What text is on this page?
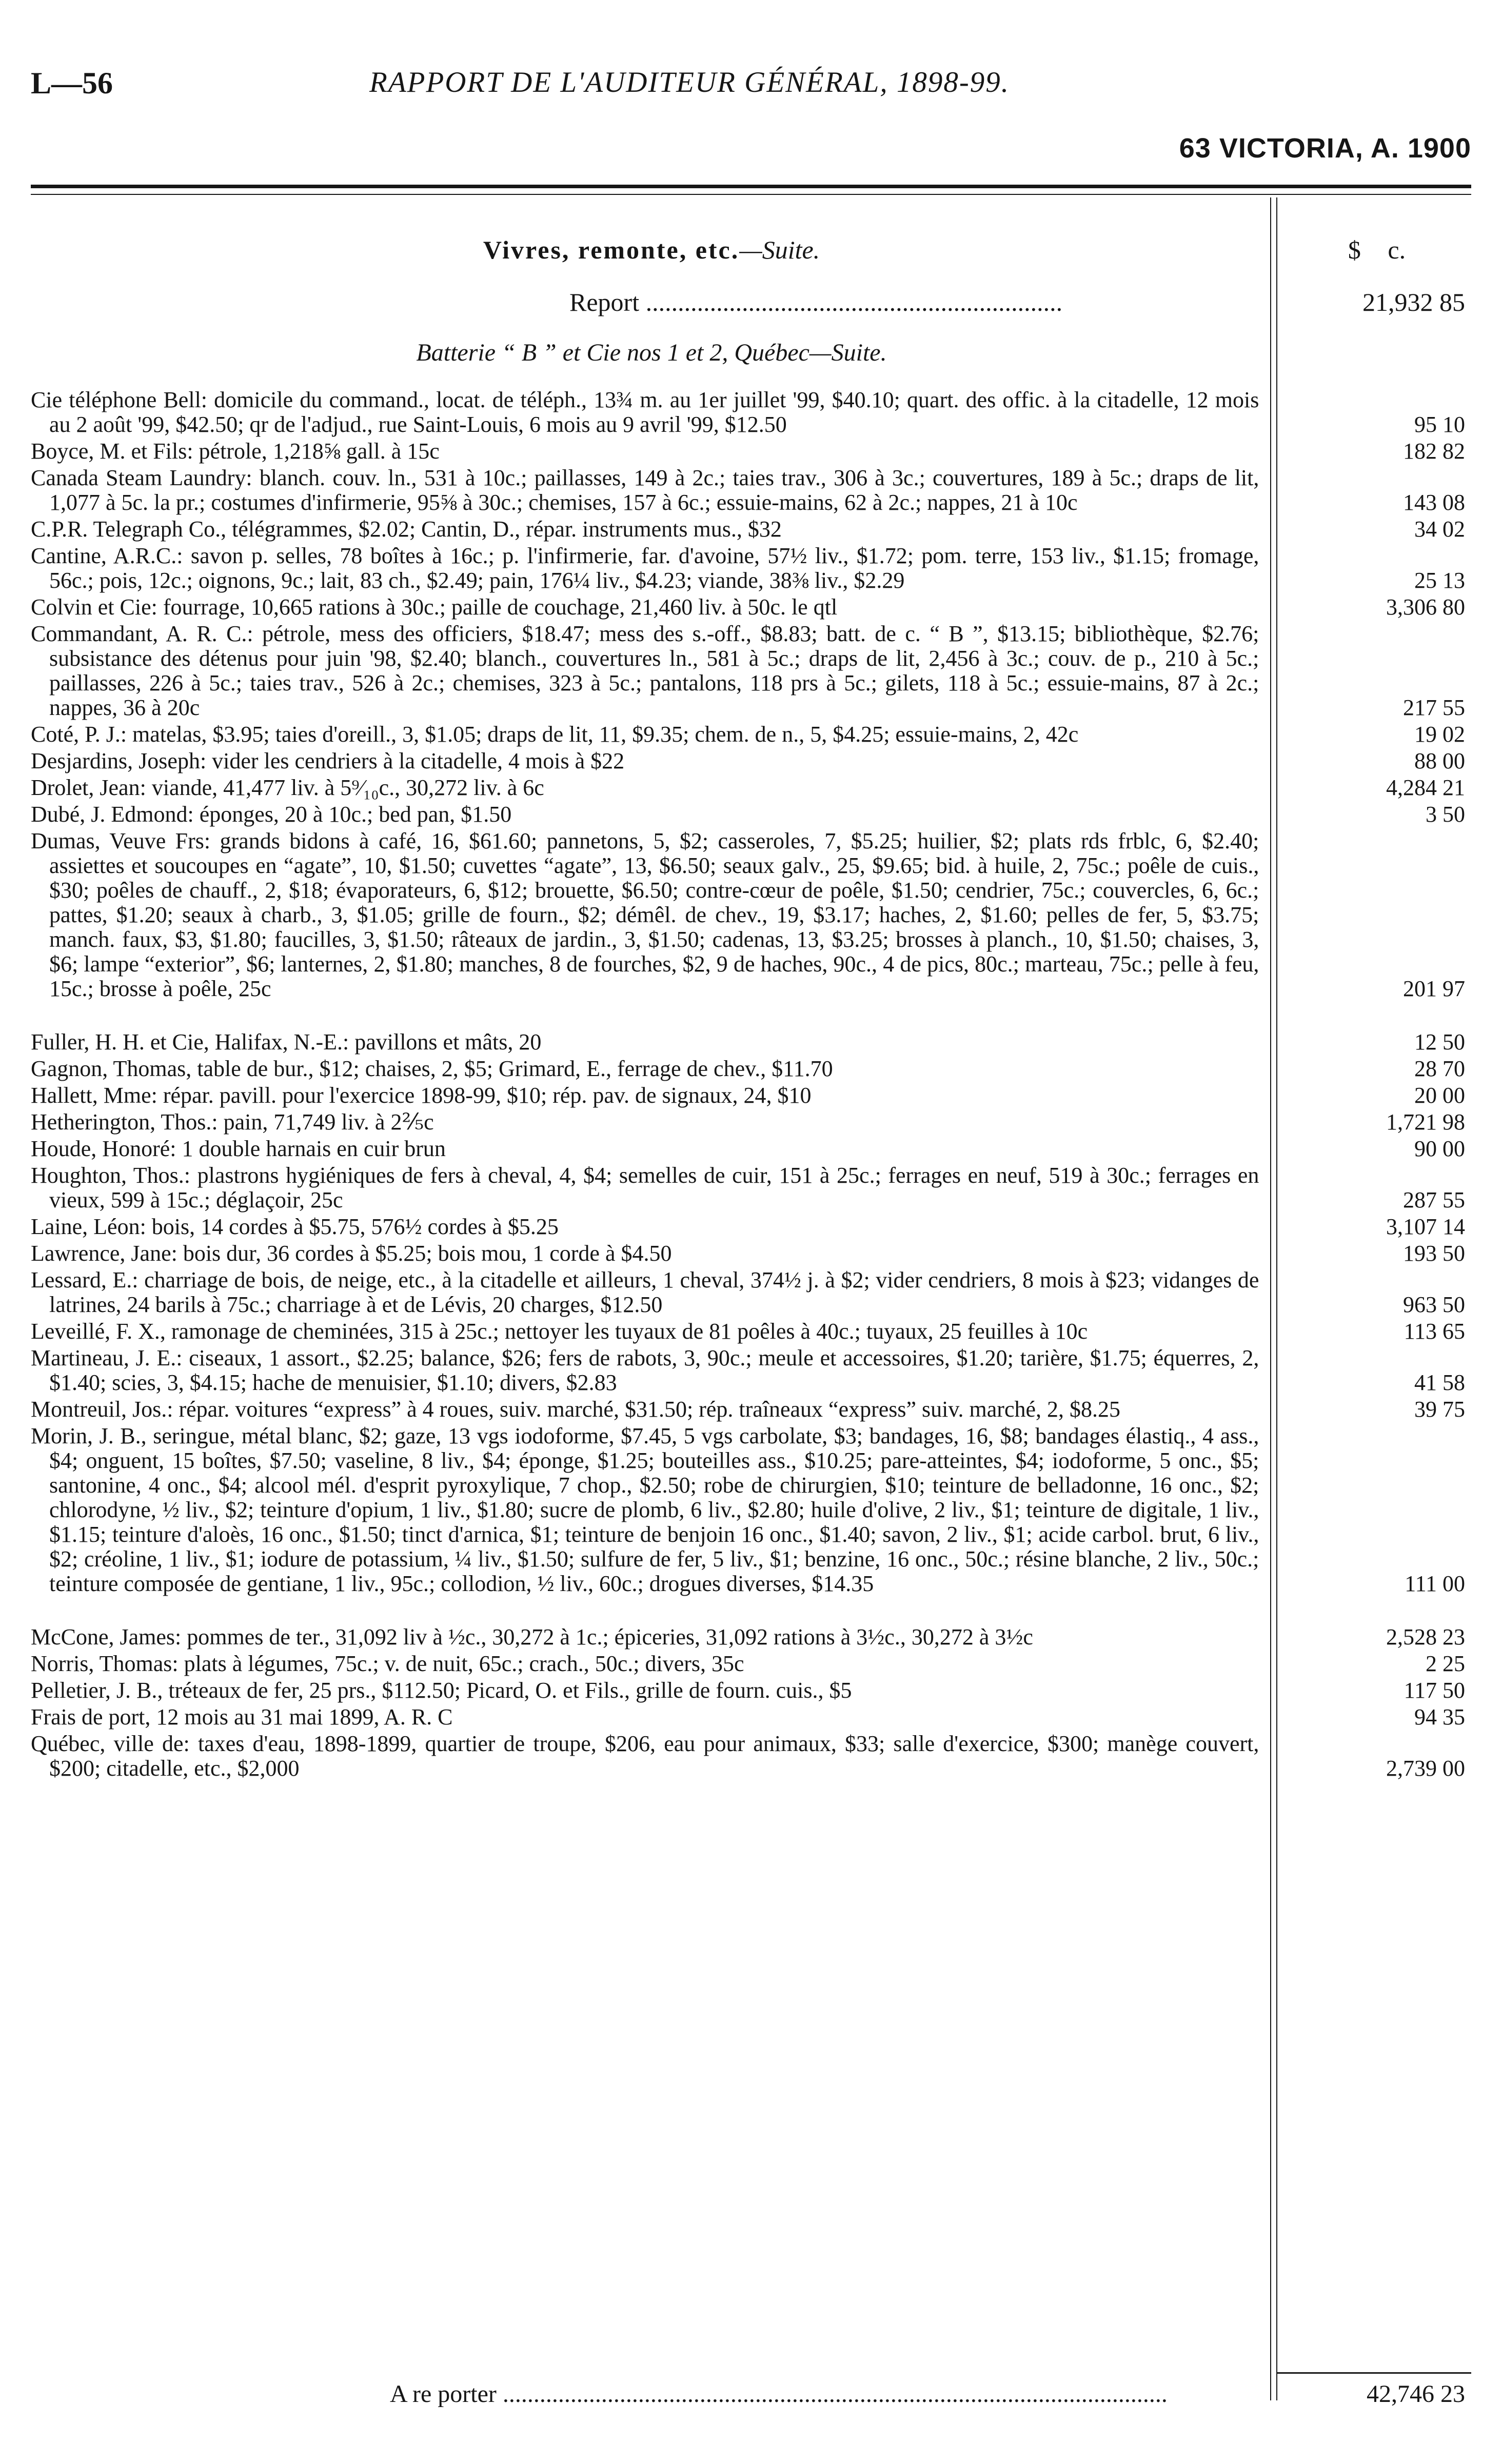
L—56	RAPPORT DE L'AUDITEUR GÉNÉRAL, 1898-99.
63 VICTORIA, A. 1900
Vivres, remonte, etc.—Suite.	$ c.
Report .................................................................	21,932 85
Batterie “ B ” et Cie nos 1 et 2, Québec—Suite.
Cie téléphone Bell: domicile du command., locat. de téléph., 13¾ m. au 1er juillet '99, $40.10; quart. des offic. à la citadelle, 12 mois au 2 août '99, $42.50; qr de l'adjud., rue Saint-Louis, 6 mois au 9 avril '99, $12.50	95 10
Boyce, M. et Fils: pétrole, 1,218⅝ gall. à 15c	182 82
Canada Steam Laundry: blanch. couv. ln., 531 à 10c.; paillasses, 149 à 2c.; taies trav., 306 à 3c.; couvertures, 189 à 5c.; draps de lit, 1,077 à 5c. la pr.; costumes d'infirmerie, 95⅝ à 30c.; chemises, 157 à 6c.; essuie-mains, 62 à 2c.; nappes, 21 à 10c	143 08
C.P.R. Telegraph Co., télégrammes, $2.02; Cantin, D., répar. instruments mus., $32	34 02
Cantine, A.R.C.: savon p. selles, 78 boîtes à 16c.; p. l'infirmerie, far. d'avoine, 57½ liv., $1.72; pom. terre, 153 liv., $1.15; fromage, 56c.; pois, 12c.; oignons, 9c.; lait, 83 ch., $2.49; pain, 176¼ liv., $4.23; viande, 38⅜ liv., $2.29	25 13
Colvin et Cie: fourrage, 10,665 rations à 30c.; paille de couchage, 21,460 liv. à 50c. le qtl	3,306 80
Commandant, A. R. C.: pétrole, mess des officiers, $18.47; mess des s.-off., $8.83; batt. de c. “ B ”, $13.15; bibliothèque, $2.76; subsistance des détenus pour juin '98, $2.40; blanch., couvertures ln., 581 à 5c.; draps de lit, 2,456 à 3c.; couv. de p., 210 à 5c.; paillasses, 226 à 5c.; taies trav., 526 à 2c.; chemises, 323 à 5c.; pantalons, 118 prs à 5c.; gilets, 118 à 5c.; essuie-mains, 87 à 2c.; nappes, 36 à 20c	217 55
Coté, P. J.: matelas, $3.95; taies d'oreill., 3, $1.05; draps de lit, 11, $9.35; chem. de n., 5, $4.25; essuie-mains, 2, 42c	19 02
Desjardins, Joseph: vider les cendriers à la citadelle, 4 mois à $22	88 00
Drolet, Jean: viande, 41,477 liv. à 5⁹⁄₁₀c., 30,272 liv. à 6c	4,284 21
Dubé, J. Edmond: éponges, 20 à 10c.; bed pan, $1.50	3 50
Dumas, Veuve Frs: grands bidons à café, 16, $61.60; pannetons, 5, $2; casseroles, 7, $5.25; huilier, $2; plats rds frblc, 6, $2.40; assiettes et soucoupes en “agate”, 10, $1.50; cuvettes “agate”, 13, $6.50; seaux galv., 25, $9.65; bid. à huile, 2, 75c.; poêle de cuis., $30; poêles de chauff., 2, $18; évaporateurs, 6, $12; brouette, $6.50; contre-cœur de poêle, $1.50; cendrier, 75c.; couvercles, 6, 6c.; pattes, $1.20; seaux à charb., 3, $1.05; grille de fourn., $2; démêl. de chev., 19, $3.17; haches, 2, $1.60; pelles de fer, 5, $3.75; manch. faux, $3, $1.80; faucilles, 3, $1.50; râteaux de jardin., 3, $1.50; cadenas, 13, $3.25; brosses à planch., 10, $1.50; chaises, 3, $6; lampe “exterior”, $6; lanternes, 2, $1.80; manches, 8 de fourches, $2, 9 de haches, 90c., 4 de pics, 80c.; marteau, 75c.; pelle à feu, 15c.; brosse à poêle, 25c	201 97
Fuller, H. H. et Cie, Halifax, N.-E.: pavillons et mâts, 20	12 50
Gagnon, Thomas, table de bur., $12; chaises, 2, $5; Grimard, E., ferrage de chev., $11.70	28 70
Hallett, Mme: répar. pavill. pour l'exercice 1898-99, $10; rép. pav. de signaux, 24, $10	20 00
Hetherington, Thos.: pain, 71,749 liv. à 2⅖c	1,721 98
Houde, Honoré: 1 double harnais en cuir brun	90 00
Houghton, Thos.: plastrons hygiéniques de fers à cheval, 4, $4; semelles de cuir, 151 à 25c.; ferrages en neuf, 519 à 30c.; ferrages en vieux, 599 à 15c.; déglaçoir, 25c	287 55
Laine, Léon: bois, 14 cordes à $5.75, 576½ cordes à $5.25	3,107 14
Lawrence, Jane: bois dur, 36 cordes à $5.25; bois mou, 1 corde à $4.50	193 50
Lessard, E.: charriage de bois, de neige, etc., à la citadelle et ailleurs, 1 cheval, 374½ j. à $2; vider cendriers, 8 mois à $23; vidanges de latrines, 24 barils à 75c.; charriage à et de Lévis, 20 charges, $12.50	963 50
Leveillé, F. X., ramonage de cheminées, 315 à 25c.; nettoyer les tuyaux de 81 poêles à 40c.; tuyaux, 25 feuilles à 10c	113 65
Martineau, J. E.: ciseaux, 1 assort., $2.25; balance, $26; fers de rabots, 3, 90c.; meule et accessoires, $1.20; tarière, $1.75; équerres, 2, $1.40; scies, 3, $4.15; hache de menuisier, $1.10; divers, $2.83	41 58
Montreuil, Jos.: répar. voitures “express” à 4 roues, suiv. marché, $31.50; rép. traîneaux “express” suiv. marché, 2, $8.25	39 75
Morin, J. B., seringue, métal blanc, $2; gaze, 13 vgs iodoforme, $7.45, 5 vgs carbolate, $3; bandages, 16, $8; bandages élastiq., 4 ass., $4; onguent, 15 boîtes, $7.50; vaseline, 8 liv., $4; éponge, $1.25; bouteilles ass., $10.25; pare-atteintes, $4; iodoforme, 5 onc., $5; santonine, 4 onc., $4; alcool mél. d'esprit pyroxylique, 7 chop., $2.50; robe de chirurgien, $10; teinture de belladonne, 16 onc., $2; chlorodyne, ½ liv., $2; teinture d'opium, 1 liv., $1.80; sucre de plomb, 6 liv., $2.80; huile d'olive, 2 liv., $1; teinture de digitale, 1 liv., $1.15; teinture d'aloès, 16 onc., $1.50; tinct d'arnica, $1; teinture de benjoin 16 onc., $1.40; savon, 2 liv., $1; acide carbol. brut, 6 liv., $2; créoline, 1 liv., $1; iodure de potassium, ¼ liv., $1.50; sulfure de fer, 5 liv., $1; benzine, 16 onc., 50c.; résine blanche, 2 liv., 50c.; teinture composée de gentiane, 1 liv., 95c.; collodion, ½ liv., 60c.; drogues diverses, $14.35	111 00
McCone, James: pommes de ter., 31,092 liv à ½c., 30,272 à 1c.; épiceries, 31,092 rations à 3½c., 30,272 à 3½c	2,528 23
Norris, Thomas: plats à légumes, 75c.; v. de nuit, 65c.; crach., 50c.; divers, 35c	2 25
Pelletier, J. B., tréteaux de fer, 25 prs., $112.50; Picard, O. et Fils., grille de fourn. cuis., $5	117 50
Frais de port, 12 mois au 31 mai 1899, A. R. C	94 35
Québec, ville de: taxes d'eau, 1898-1899, quartier de troupe, $206, eau pour animaux, $33; salle d'exercice, $300; manège couvert, $200; citadelle, etc., $2,000	2,739 00
A re porter ............................................................................................................	42,746 23
